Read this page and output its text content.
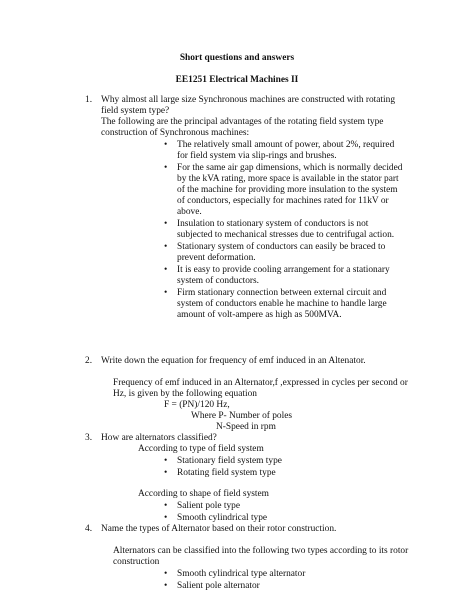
Short questions and answers
EE1251 Electrical Machines II
1. Why almost all large size Synchronous machines are constructed with rotating
field system type?
The following are the principal advantages of the rotating field system type
construction of Synchronous machines:
• The relatively small amount of power, about 2%, required
for field system via slip-rings and brushes.
• For the same air gap dimensions, which is normally decided
by the kVA rating, more space is available in the stator part
of the machine for providing more insulation to the system
of conductors, especially for machines rated for 11kV or
above.
• Insulation to stationary system of conductors is not
subjected to mechanical stresses due to centrifugal action.
• Stationary system of conductors can easily be braced to
prevent deformation.
• It is easy to provide cooling arrangement for a stationary
system of conductors.
• Firm stationary connection between external circuit and
system of conductors enable he machine to handle large
amount of volt-ampere as high as 500MVA.
2. Write down the equation for frequency of emf induced in an Altenator.
Frequency of emf induced in an Alternator,f ,expressed in cycles per second or
Hz, is given by the following equation
F = (PN)/120 Hz,
Where P- Number of poles
N-Speed in rpm
3. How are alternators classified?
According to type of field system
• Stationary field system type
• Rotating field system type
According to shape of field system
• Salient pole type
• Smooth cylindrical type
4. Name the types of Alternator based on their rotor construction.
Alternators can be classified into the following two types according to its rotor
construction
• Smooth cylindrical type alternator
• Salient pole alternator
